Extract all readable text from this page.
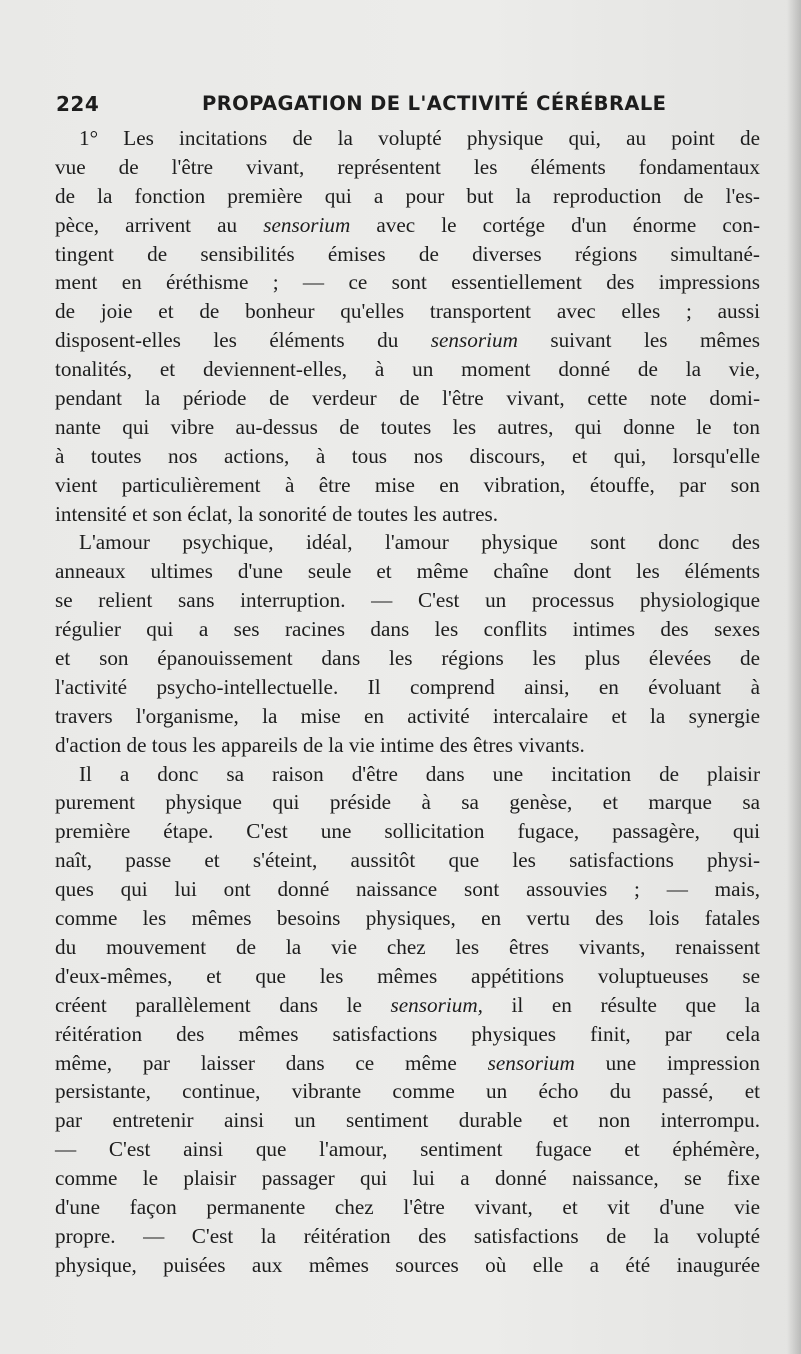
224	PROPAGATION DE L'ACTIVITÉ CÉRÉBRALE
1° Les incitations de la volupté physique qui, au point de
vue de l'être vivant, représentent les éléments fondamentaux
de la fonction première qui a pour but la reproduction de l'es-
pèce, arrivent au sensorium avec le cortége d'un énorme con-
tingent de sensibilités émises de diverses régions simultané-
ment en éréthisme ; — ce sont essentiellement des impressions
de joie et de bonheur qu'elles transportent avec elles ; aussi
disposent-elles les éléments du sensorium suivant les mêmes
tonalités, et deviennent-elles, à un moment donné de la vie,
pendant la période de verdeur de l'être vivant, cette note domi-
nante qui vibre au-dessus de toutes les autres, qui donne le ton
à toutes nos actions, à tous nos discours, et qui, lorsqu'elle
vient particulièrement à être mise en vibration, étouffe, par son
intensité et son éclat, la sonorité de toutes les autres.
L'amour psychique, idéal, l'amour physique sont donc des
anneaux ultimes d'une seule et même chaîne dont les éléments
se relient sans interruption. — C'est un processus physiologique
régulier qui a ses racines dans les conflits intimes des sexes
et son épanouissement dans les régions les plus élevées de
l'activité psycho-intellectuelle. Il comprend ainsi, en évoluant à
travers l'organisme, la mise en activité intercalaire et la synergie
d'action de tous les appareils de la vie intime des êtres vivants.
Il a donc sa raison d'être dans une incitation de plaisir
purement physique qui préside à sa genèse, et marque sa
première étape. C'est une sollicitation fugace, passagère, qui
naît, passe et s'éteint, aussitôt que les satisfactions physi-
ques qui lui ont donné naissance sont assouvies ; — mais,
comme les mêmes besoins physiques, en vertu des lois fatales
du mouvement de la vie chez les êtres vivants, renaissent
d'eux-mêmes, et que les mêmes appétitions voluptueuses se
créent parallèlement dans le sensorium, il en résulte que la
réitération des mêmes satisfactions physiques finit, par cela
même, par laisser dans ce même sensorium une impression
persistante, continue, vibrante comme un écho du passé, et
par entretenir ainsi un sentiment durable et non interrompu.
— C'est ainsi que l'amour, sentiment fugace et éphémère,
comme le plaisir passager qui lui a donné naissance, se fixe
d'une façon permanente chez l'être vivant, et vit d'une vie
propre. — C'est la réitération des satisfactions de la volupté
physique, puisées aux mêmes sources où elle a été inaugurée
